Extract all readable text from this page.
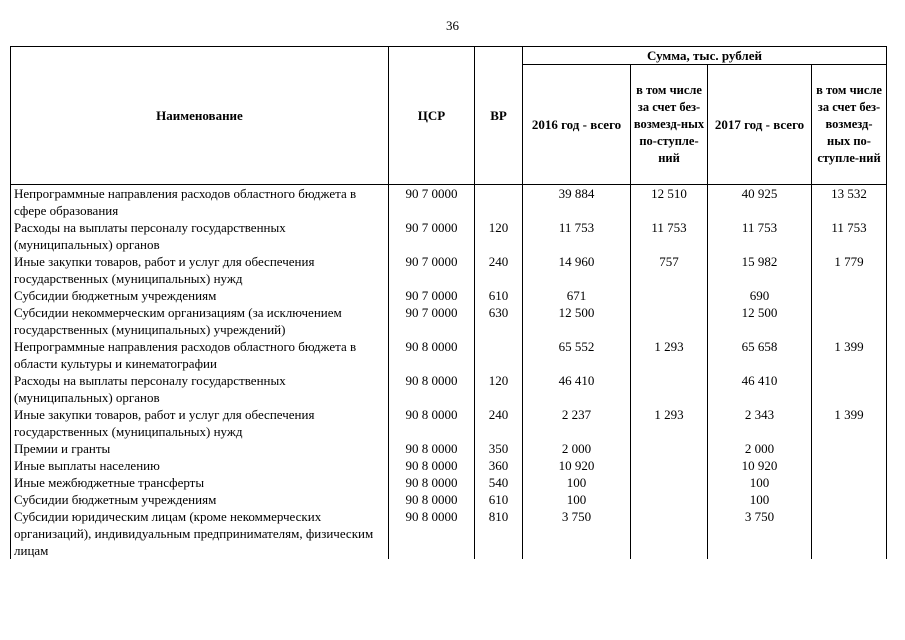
36
Наименование	ЦСР	ВР	Сумма, тыс. рублей			
			2016 год - всего	в том числе за счет без-возмезд-ных по-ступле-ний	2017 год - всего	в том числе за счет без-возмезд-ных по-ступле-ний
Непрограммные направления расходов областного бюджета в сфере образования	90 7 0000		39 884	12 510	40 925	13 532
Расходы на выплаты персоналу государственных (муниципальных) органов	90 7 0000	120	11 753	11 753	11 753	11 753
Иные закупки товаров, работ и услуг для обеспечения государственных (муниципальных) нужд	90 7 0000	240	14 960	757	15 982	1 779
Субсидии бюджетным учреждениям	90 7 0000	610	671		690	
Субсидии некоммерческим организациям (за исключением государственных (муниципальных) учреждений)	90 7 0000	630	12 500		12 500	
Непрограммные направления расходов областного бюджета в области культуры и кинематографии	90 8 0000		65 552	1 293	65 658	1 399
Расходы на выплаты персоналу государственных (муниципальных) органов	90 8 0000	120	46 410		46 410	
Иные закупки товаров, работ и услуг для обеспечения государственных (муниципальных) нужд	90 8 0000	240	2 237	1 293	2 343	1 399
Премии и гранты	90 8 0000	350	2 000		2 000	
Иные выплаты населению	90 8 0000	360	10 920		10 920	
Иные межбюджетные трансферты	90 8 0000	540	100		100	
Субсидии бюджетным учреждениям	90 8 0000	610	100		100	
Субсидии юридическим лицам (кроме некоммерческих организаций), индивидуальным предпринимателям, физическим лицам	90 8 0000	810	3 750		3 750	
